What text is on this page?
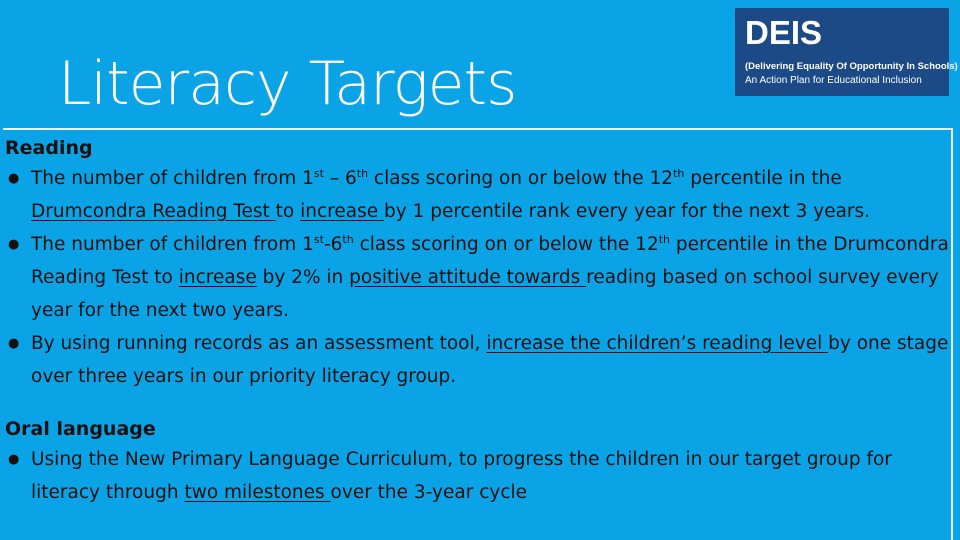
Literacy Targets
DEIS
(Delivering Equality Of Opportunity In Schools)
An Action Plan for Educational Inclusion
Reading
● The number of children from 1st – 6th class scoring on or below the 12th percentile in the Drumcondra Reading Test to increase by 1 percentile rank every year for the next 3 years.
● The number of children from 1st-6th class scoring on or below the 12th percentile in the Drumcondra Reading Test to increase by 2% in positive attitude towards reading based on school survey every year for the next two years.
● By using running records as an assessment tool, increase the children’s reading level by one stage over three years in our priority literacy group.
Oral language
● Using the New Primary Language Curriculum, to progress the children in our target group for literacy through two milestones over the 3-year cycle
